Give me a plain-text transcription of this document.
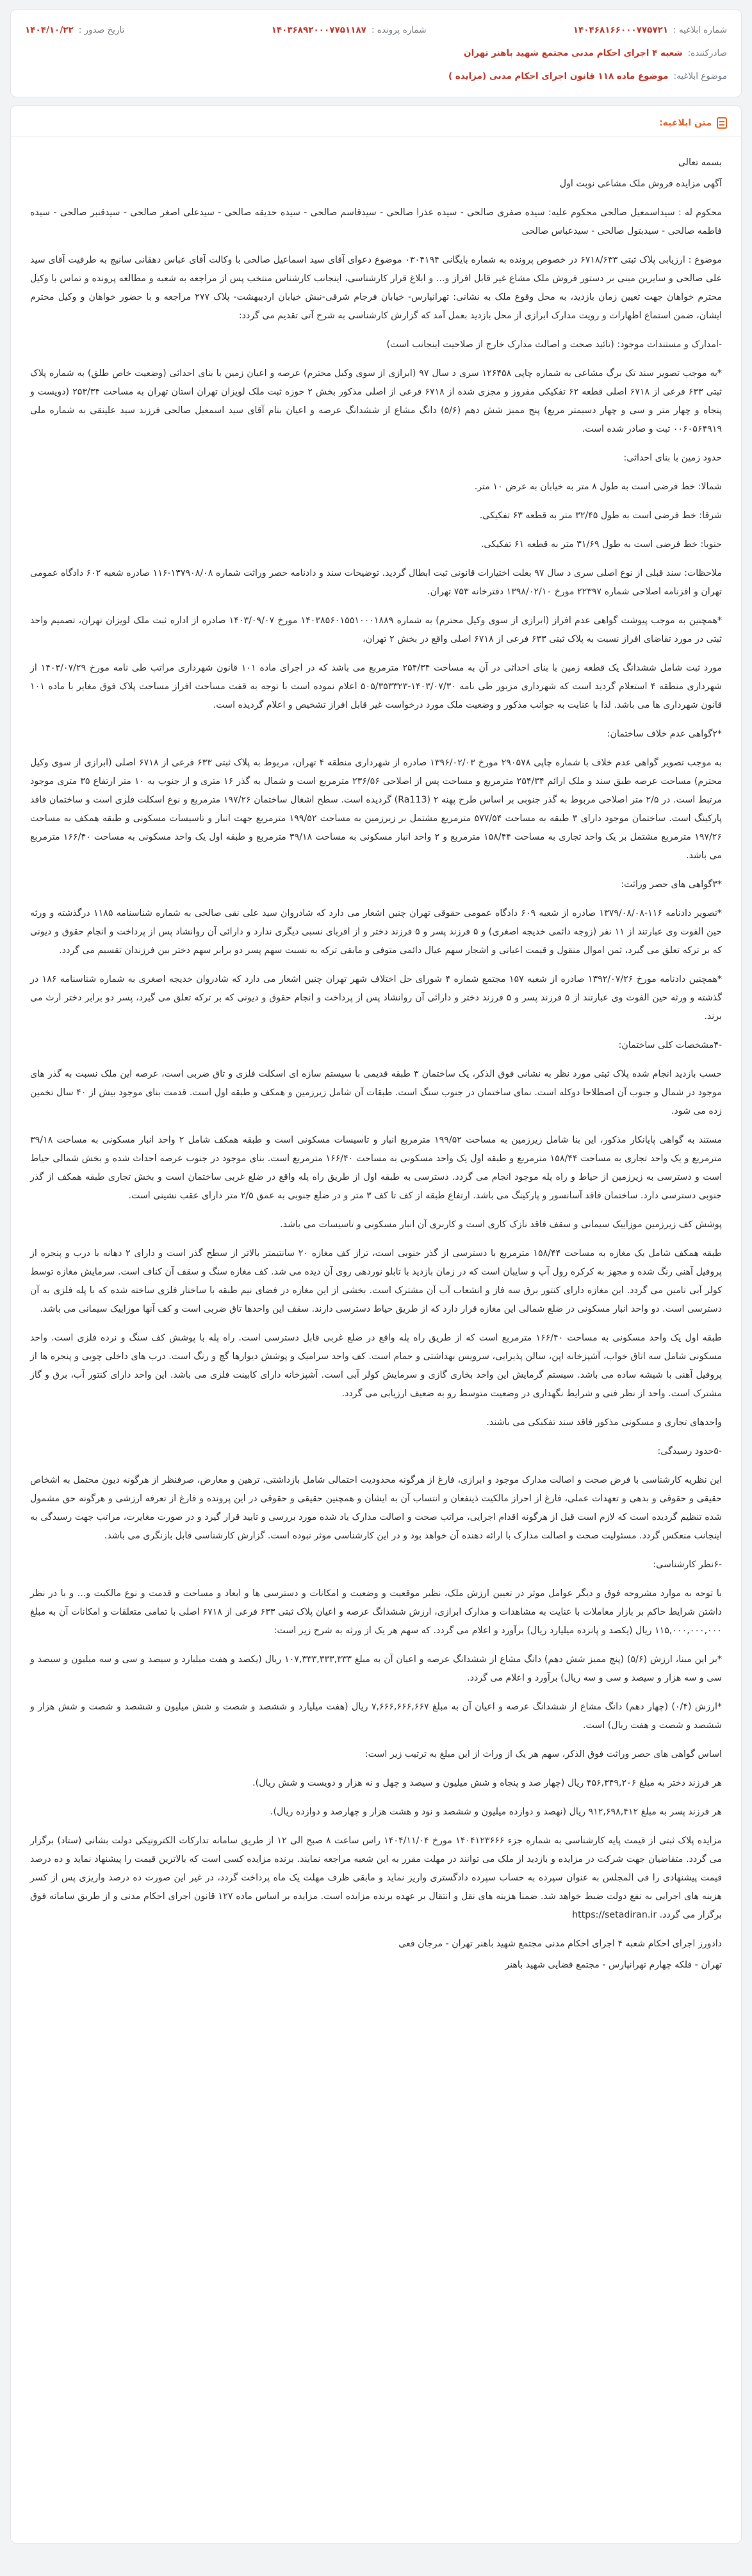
شماره ابلاغیه :
۱۴۰۴۶۸۱۶۶۰۰۰۷۷۵۷۲۱
شماره پرونده :
۱۴۰۳۶۸۹۲۰۰۰۷۷۵۱۱۸۷
تاریخ صدور :
۱۴۰۴/۱۰/۲۲
صادرکننده:
شعبه ۴ اجرای احکام مدنی مجتمع شهید باهنر تهران
موضوع ابلاغیه:
موضوع ماده ۱۱۸ قانون اجرای احکام مدنی (مزایده )
متن ابلاغیه:

بسمه تعالی

آگهی مزایده فروش ملک مشاعی نوبت اول

محکوم له : سیداسمعیل صالحی محکوم علیه: سیده صفری صالحی - سیده عذرا صالحی - سیدقاسم صالحی - سیده حدیقه صالحی - سیدعلی اصغر صالحی - سیدقنبر صالحی - سیده فاطمه صالحی - سیدبتول صالحی - سیدعباس صالحی

موضوع : ارزیابی پلاک ثبتی ۶۷۱۸/۶۳۳ در خصوص پرونده به شماره بایگانی ۰۳۰۴۱۹۴ موضوع دعوای آقای سید اسماعیل صالحی با وکالت آقای عباس دهقانی سانیچ به طرفیت آقای سید علی صالحی و سایرین مبنی بر دستور فروش ملک مشاع غیر قابل افراز و... و ابلاغ قرار کارشناسی، اینجانب کارشناس منتخب پس از مراجعه به شعبه و مطالعه پرونده و تماس با وکیل محترم خواهان جهت تعیین زمان بازدید، به محل وقوع ملک به نشانی: تهرانپارس- خیابان فرجام شرقی-نبش خیابان اردیبهشت- پلاک ۲۷۷ مراجعه و با حضور خواهان و وکیل محترم ایشان، ضمن استماع اظهارات و رویت مدارک ابرازی از محل بازدید بعمل آمد که گزارش کارشناسی به شرح آتی تقدیم می گردد:

-امدارک و مستندات موجود: (تائید صحت و اصالت مدارک خارج از صلاحیت اینجانب است)

*به موجب تصویر سند تک برگ مشاعی به شماره چاپی ۱۲۶۴۵۸ سری د سال ۹۷ (ابرازی از سوی وکیل محترم) عرصه و اعیان زمین با بنای احداثی (وضعیت خاص طلق) به شماره پلاک ثبتی ۶۳۳ فرعی از ۶۷۱۸ اصلی قطعه ۶۲ تفکیکی مفروز و مجزی شده از ۶۷۱۸ فرعی از اصلی مذکور بخش ۲ حوزه ثبت ملک لویزان تهران استان تهران به مساحت ۲۵۳/۳۴ (دویست و پنجاه و چهار متر و سی و چهار دسیمتر مربع) پنج ممیز شش دهم (۵/۶) دانگ مشاع از ششدانگ عرصه و اعیان بنام آقای سید اسمعیل صالحی فرزند سید علینقی به شماره ملی ۰۰۶۰۵۶۴۹۱۹ ثبت و صادر شده است.

حدود زمین با بنای احداثی:

شمالا: خط فرضی است به طول ۸ متر به خیابان به عرض ۱۰ متر.

شرقا: خط فرضی است به طول ۳۲/۴۵ متر به قطعه ۶۳ تفکیکی.

جنوبا: خط فرضی است به طول ۳۱/۶۹ متر به قطعه ۶۱ تفکیکی.

ملاحظات: سند قبلی از نوع اصلی سری د سال ۹۷ بعلت اختیارات قانونی ثبت ابطال گردید. توضیحات سند و دادنامه حصر وراثت شماره ۱۳۷۹۰۸/۰۸-۱۱۶ صادره شعبه ۶۰۲ دادگاه عمومی تهران و افزنامه اصلاحی شماره ۲۲۳۹۷ مورخ ۱۳۹۸/۰۲/۱۰ دفترخانه ۷۵۳ تهران.

*همچنین به موجب پیوشت گواهی عدم افراز (ابرازی از سوی وکیل محترم) به شماره ۱۴۰۳۸۵۶۰۱۵۵۱۰۰۰۱۸۸۹ مورخ ۱۴۰۳/۰۹/۰۷ صادره از اداره ثبت ملک لویزان تهران، تصمیم واحد ثبتی در مورد تقاضای افراز نسبت به پلاک ثبتی ۶۳۳ فرعی از ۶۷۱۸ اصلی واقع در بخش ۲ تهران،

مورد ثبت شامل ششدانگ یک قطعه زمین با بنای احداثی در آن به مساحت ۲۵۴/۳۴ مترمربع می باشد که در اجرای ماده ۱۰۱ قانون شهرداری مراتب طی نامه مورخ ۱۴۰۳/۰۷/۲۹ از شهرداری منطقه ۴ استعلام گردید است که شهرداری مزبور طی نامه ۱۴۰۳/۰۷/۳۰-۵۰۵/۳۵۳۳۲۳ اعلام نموده است با توجه به قفت مساحت افراز مساحت پلاک فوق مغایر با ماده ۱۰۱ قانون شهرداری ها می باشد. لذا با عنایت به جوانب مذکور و وضعیت ملک مورد درخواست غیر قابل افراز تشخیص و اعلام گردیده است.

*۲گواهی عدم خلاف ساختمان:

به موجب تصویر گواهی عدم خلاف با شماره چاپی ۲۹۰۵۷۸ مورخ ۱۳۹۶/۰۲/۰۳ صادره از شهرداری منطقه ۴ تهران، مربوط به پلاک ثبتی ۶۳۳ فرعی از ۶۷۱۸ اصلی (ابرازی از سوی وکیل محترم) مساحت عرصه طبق سند و ملک ارائم ۲۵۴/۳۴ مترمربع و مساحت پس از اصلاحی ۲۳۶/۵۶ مترمربع است و شمال به گذر ۱۶ متری و از جنوب به ۱۰ متر ارتفاع ۳۵ متری موجود مرتبط است. در ۲/۵ متر اصلاحی مربوط به گذر جنوبی بر اساس طرح پهنه ۲ (Ra113) گردیده است. سطح اشغال ساختمان ۱۹۷/۲۶ مترمربع و نوع اسکلت فلزی است و ساختمان فاقد پارکینگ است. ساختمان موجود دارای ۳ طبقه به مساحت ۵۷۷/۵۴ مترمربع مشتمل بر زیرزمین به مساحت ۱۹۹/۵۲ مترمربع جهت انبار و تاسیسات مسکونی و طبقه همکف به مساحت ۱۹۷/۲۶ مترمربع مشتمل بر یک واحد تجاری به مساحت ۱۵۸/۴۴ مترمربع و ۲ واحد انبار مسکونی به مساحت ۳۹/۱۸ مترمربع و طبقه اول یک واحد مسکونی به مساحت ۱۶۶/۴۰ مترمربع می باشد.

*۳گواهی های حصر وراثت:

*تصویر دادنامه ۱۱۶-۱۳۷۹/۰۸/۰۸ صادره از شعبه ۶۰۹ دادگاه عمومی حقوقی تهران چنین اشعار می دارد که شادروان سید علی نقی صالحی به شماره شناسنامه ۱۱۸۵ درگذشته و ورثه حین الفوت وی عبارتند از ۱۱ نفر (زوجه دائمی خدیجه اصغری) و ۵ فرزند پسر و ۵ فرزند دختر و از اقربای نسبی دیگری ندارد و دارائی آن روانشاد پس از پرداخت و انجام حقوق و دیونی که بر ترکه تعلق می گیرد، ثمن اموال منقول و قیمت اعیانی و اشجار سهم عیال دائمی متوفی و مابقی ترکه به نسبت سهم پسر دو برابر سهم دختر بین فرزندان تقسیم می گردد.

*همچنین دادنامه مورخ ۱۳۹۲/۰۷/۲۶ صادره از شعبه ۱۵۷ مجتمع شماره ۴ شورای حل اختلاف شهر تهران چنین اشعار می دارد که شادروان خدیجه اصغری به شماره شناسنامه ۱۸۶ در گذشته و ورثه حین الفوت وی عبارتند از ۵ فرزند پسر و ۵ فرزند دختر و دارائی آن روانشاد پس از پرداخت و انجام حقوق و دیونی که بر ترکه تعلق می گیرد، پسر دو برابر دختر ارث می برند.

-۴مشخصات کلی ساختمان:

حسب بازدید انجام شده پلاک ثبتی مورد نظر به نشانی فوق الذکر، یک ساختمان ۳ طبقه قدیمی با سیستم سازه ای اسکلت فلزی و تاق ضربی است، عرصه این ملک نسبت به گذر های موجود در شمال و جنوب آن اصطلاحا دوکله است. نمای ساختمان در جنوب سنگ است. طبقات آن شامل زیرزمین و همکف و طبقه اول است. قدمت بنای موجود بیش از ۴۰ سال تخمین زده می شود.

مستند به گواهی پایانکار مذکور، این بنا شامل زیرزمین به مساحت ۱۹۹/۵۲ مترمربع انبار و تاسیسات مسکونی است و طبقه همکف شامل ۲ واحد انبار مسکونی به مساحت ۳۹/۱۸ مترمربع و یک واحد تجاری به مساحت ۱۵۸/۴۴ مترمربع و طبقه اول یک واحد مسکونی به مساحت ۱۶۶/۴۰ مترمربع است. بنای موجود در جنوب عرصه احداث شده و بخش شمالی حیاط است و دسترسی به زیرزمین از حیاط و راه پله موجود انجام می گردد. دسترسی به طبقه اول از طریق راه پله واقع در ضلع غربی ساختمان است و بخش تجاری طبقه همکف از گذر جنوبی دسترسی دارد. ساختمان فاقد آسانسور و پارکینگ می باشد. ارتفاع طبقه از کف تا کف ۳ متر و در ضلع جنوبی به عمق ۲/۵ متر دارای عقب نشینی است.

پوشش کف زیرزمین موزاییک سیمانی و سقف فاقد نازک کاری است و کاربری آن انبار مسکونی و تاسیسات می باشد.

طبقه همکف شامل یک مغازه به مساحت ۱۵۸/۴۴ مترمربع با دسترسی از گذر جنوبی است، تراز کف مغازه ۲۰ سانتیمتر بالاتر از سطح گذر است و دارای ۲ دهانه با درب و پنجره از پروفیل آهنی رنگ شده و مجهز به کرکره رول آپ و سایبان است که در زمان بازدید با تابلو نوردهی روی آن دیده می شد. کف مغازه سنگ و سقف آن کناف است. سرمایش مغازه توسط کولر آبی تامین می گردد. این مغازه دارای کنتور برق سه فاز و انشعاب آب آن مشترک است. بخشی از این مغازه در فضای نیم طبقه با ساختار فلزی ساخته شده که با پله فلزی به آن دسترسی است. دو واحد انبار مسکونی در ضلع شمالی این مغازه قرار دارد که از طریق حیاط دسترسی دارند. سقف این واحدها تاق ضربی است و کف آنها موزاییک سیمانی می باشد.

طبقه اول یک واحد مسکونی به مساحت ۱۶۶/۴۰ مترمربع است که از طریق راه پله واقع در ضلع غربی قابل دسترسی است. راه پله با پوشش کف سنگ و نرده فلزی است. واحد مسکونی شامل سه اتاق خواب، آشپزخانه اپن، سالن پذیرایی، سرویس بهداشتی و حمام است. کف واحد سرامیک و پوشش دیوارها گچ و رنگ است. درب های داخلی چوبی و پنجره ها از پروفیل آهنی با شیشه ساده می باشد. سیستم گرمایش این واحد بخاری گازی و سرمایش کولر آبی است. آشپزخانه دارای کابینت فلزی می باشد. این واحد دارای کنتور آب، برق و گاز مشترک است. واحد از نظر فنی و شرایط نگهداری در وضعیت متوسط رو به ضعیف ارزیابی می گردد.

واحدهای تجاری و مسکونی مذکور فاقد سند تفکیکی می باشند.

-۵حدود رسیدگی:

این نظریه کارشناسی با فرض صحت و اصالت مدارک موجود و ابرازی، فارغ از هرگونه محدودیت احتمالی شامل بازداشتی، ترهین و معارض، صرفنظر از هرگونه دیون محتمل به اشخاص حقیقی و حقوقی و بدهی و تعهدات عملی، فارغ از احراز مالکیت ذینفعان و انتساب آن به ایشان و همچنین حقیقی و حقوقی در این پرونده و فارغ از تعرفه ارزشی و هرگونه حق مشمول شده تنظیم گردیده است که لازم است قبل از هرگونه اقدام اجرایی، مراتب صحت و اصالت مدارک یاد شده مورد بررسی و تایید قرار گیرد و در صورت مغایرت، مراتب جهت رسیدگی به اینجانب منعکس گردد. مسئولیت صحت و اصالت مدارک با ارائه دهنده آن خواهد بود و در این کارشناسی موثر نبوده است. گزارش کارشناسی قابل بازنگری می باشد.

-۶نظر کارشناسی:

با توجه به موارد مشروحه فوق و دیگر عوامل موثر در تعیین ارزش ملک، نظیر موقعیت و وضعیت و امکانات و دسترسی ها و ابعاد و مساحت و قدمت و نوع مالکیت و... و با در نظر داشتن شرایط حاکم بر بازار معاملات با عنایت به مشاهدات و مدارک ابرازی، ارزش ششدانگ عرصه و اعیان پلاک ثبتی ۶۳۳ فرعی از ۶۷۱۸ اصلی با تمامی متعلقات و امکانات آن به مبلغ ۱۱۵,۰۰۰,۰۰۰,۰۰۰ ریال (یکصد و پانزده میلیارد ریال) برآورد و اعلام می گردد. که سهم هر یک از ورثه به شرح زیر است:

*بر این مبنا، ارزش (۵/۶) (پنج ممیز شش دهم) دانگ مشاع از ششدانگ عرصه و اعیان آن به مبلغ ۱۰۷,۳۳۳,۳۳۳,۳۳۳ ریال (یکصد و هفت میلیارد و سیصد و سی و سه میلیون و سیصد و سی و سه هزار و سیصد و سی و سه ریال) برآورد و اعلام می گردد.

*ارزش (۰/۴) (چهار دهم) دانگ مشاع از ششدانگ عرصه و اعیان آن به مبلغ ۷,۶۶۶,۶۶۶,۶۶۷ ریال (هفت میلیارد و ششصد و شصت و شش میلیون و ششصد و شصت و شش هزار و ششصد و شصت و هفت ریال) است.

اساس گواهی های حصر وراثت فوق الذکر، سهم هر یک از وراث از این مبلغ به ترتیب زیر است:

هر فرزند دختر به مبلغ ۴۵۶,۳۴۹,۲۰۶ ریال (چهار صد و پنجاه و شش میلیون و سیصد و چهل و نه هزار و دویست و شش ریال).

هر فرزند پسر به مبلغ ۹۱۲,۶۹۸,۴۱۲ ریال (نهصد و دوازده میلیون و ششصد و نود و هشت هزار و چهارصد و دوازده ریال).

مزایده پلاک ثبتی از قیمت پایه کارشناسی به شماره جزء ۱۴۰۴۱۲۳۶۶۶ مورخ ۱۴۰۴/۱۱/۰۴ راس ساعت ۸ صبح الی ۱۲ از طریق سامانه تدارکات الکترونیکی دولت بشانی (ستاد) برگزار می گردد. متقاضیان جهت شرکت در مزایده و بازدید از ملک می توانند در مهلت مقرر به این شعبه مراجعه نمایند. برنده مزایده کسی است که بالاترین قیمت را پیشنهاد نماید و ده درصد قیمت پیشنهادی را فی المجلس به عنوان سپرده به حساب سپرده دادگستری واریز نماید و مابقی ظرف مهلت یک ماه پرداخت گردد، در غیر این صورت ده درصد واریزی پس از کسر هزینه های اجرایی به نفع دولت ضبط خواهد شد. ضمنا هزینه های نقل و انتقال بر عهده برنده مزایده است. مزایده بر اساس ماده ۱۲۷ قانون اجرای احکام مدنی و از طریق سامانه فوق برگزار می گردد. https://setadiran.ir

دادورز اجرای احکام شعبه ۴ اجرای احکام مدنی مجتمع شهید باهنر تهران - مرجان فعی

تهران - فلکه چهارم تهرانپارس - مجتمع قضایی شهید باهنر
